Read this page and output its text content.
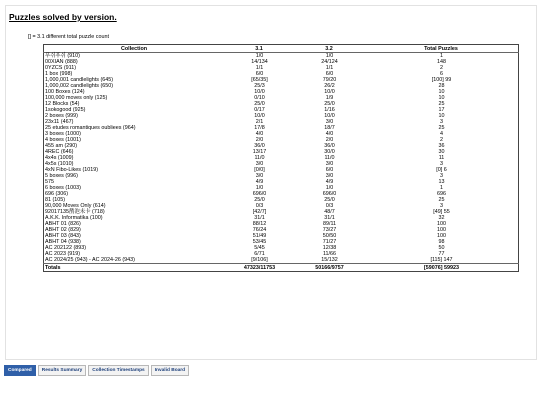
Puzzles solved by version.
[] = 3.1 different total puzzle count
Collection	3.1	3.2	Total Puzzles
푸쉬푸쉬 (910)	1/0	1/0	1
00XIAN (888)	14/134	24/124	148
0YZCS (911)	1/1	1/1	2
1 box (998)	6/0	6/0	6
1,000,001 candlelights (645)	[65/35]	79/20	[100] 99
1,000,002 candlelights (650)	25/3	26/2	28
100 Boxes (124)	10/0	10/0	10
100,000 moves only (125)	0/10	1/9	10
12 Blocks (54)	25/0	25/0	25
1sokogood (925)	0/17	1/16	17
2 boxes (999)	10/0	10/0	10
23x11 (467)	2/1	3/0	3
25 etudes romantiques oubliees (964)	17/8	18/7	25
3 boxes (1000)	4/0	4/0	4
4 boxes (1001)	2/0	2/0	2
455 am (290)	36/0	36/0	36
4REC (646)	13/17	30/0	30
4x4s (1009)	11/0	11/0	11
4x5s (1010)	3/0	3/0	3
4xN Fibo-Likes (1019)	[0/0]	6/0	[0] 6
5 boxes (996)	3/0	3/0	3
575	4/9	4/9	13
6 boxes (1003)	1/0	1/0	1
696 (306)	696/0	696/0	696
81 (105)	25/0	25/0	25
90,000 Moves Only (614)	0/3	0/3	3
92017135鹊泡未卡 (718)	[42/7]	48/7	[49] 55
A.K.K. Informatika (100)	31/1	31/1	32
ABHT 01 (826)	88/12	89/11	100
ABHT 02 (829)	76/24	73/27	100
ABHT 03 (843)	51/49	50/50	100
ABHT 04 (938)	53/45	71/27	98
AC 202122 (893)	5/45	12/38	50
AC 2023 (919)	6/71	11/66	77
AC 2024/25 (943) - AC 2024-26 (943)	[9/106]	15/132	[115] 147
Totals	47323/11753	50166/9757	[59076] 59923
Compared	Results Summary	Collection Timestamps	Invalid Board
